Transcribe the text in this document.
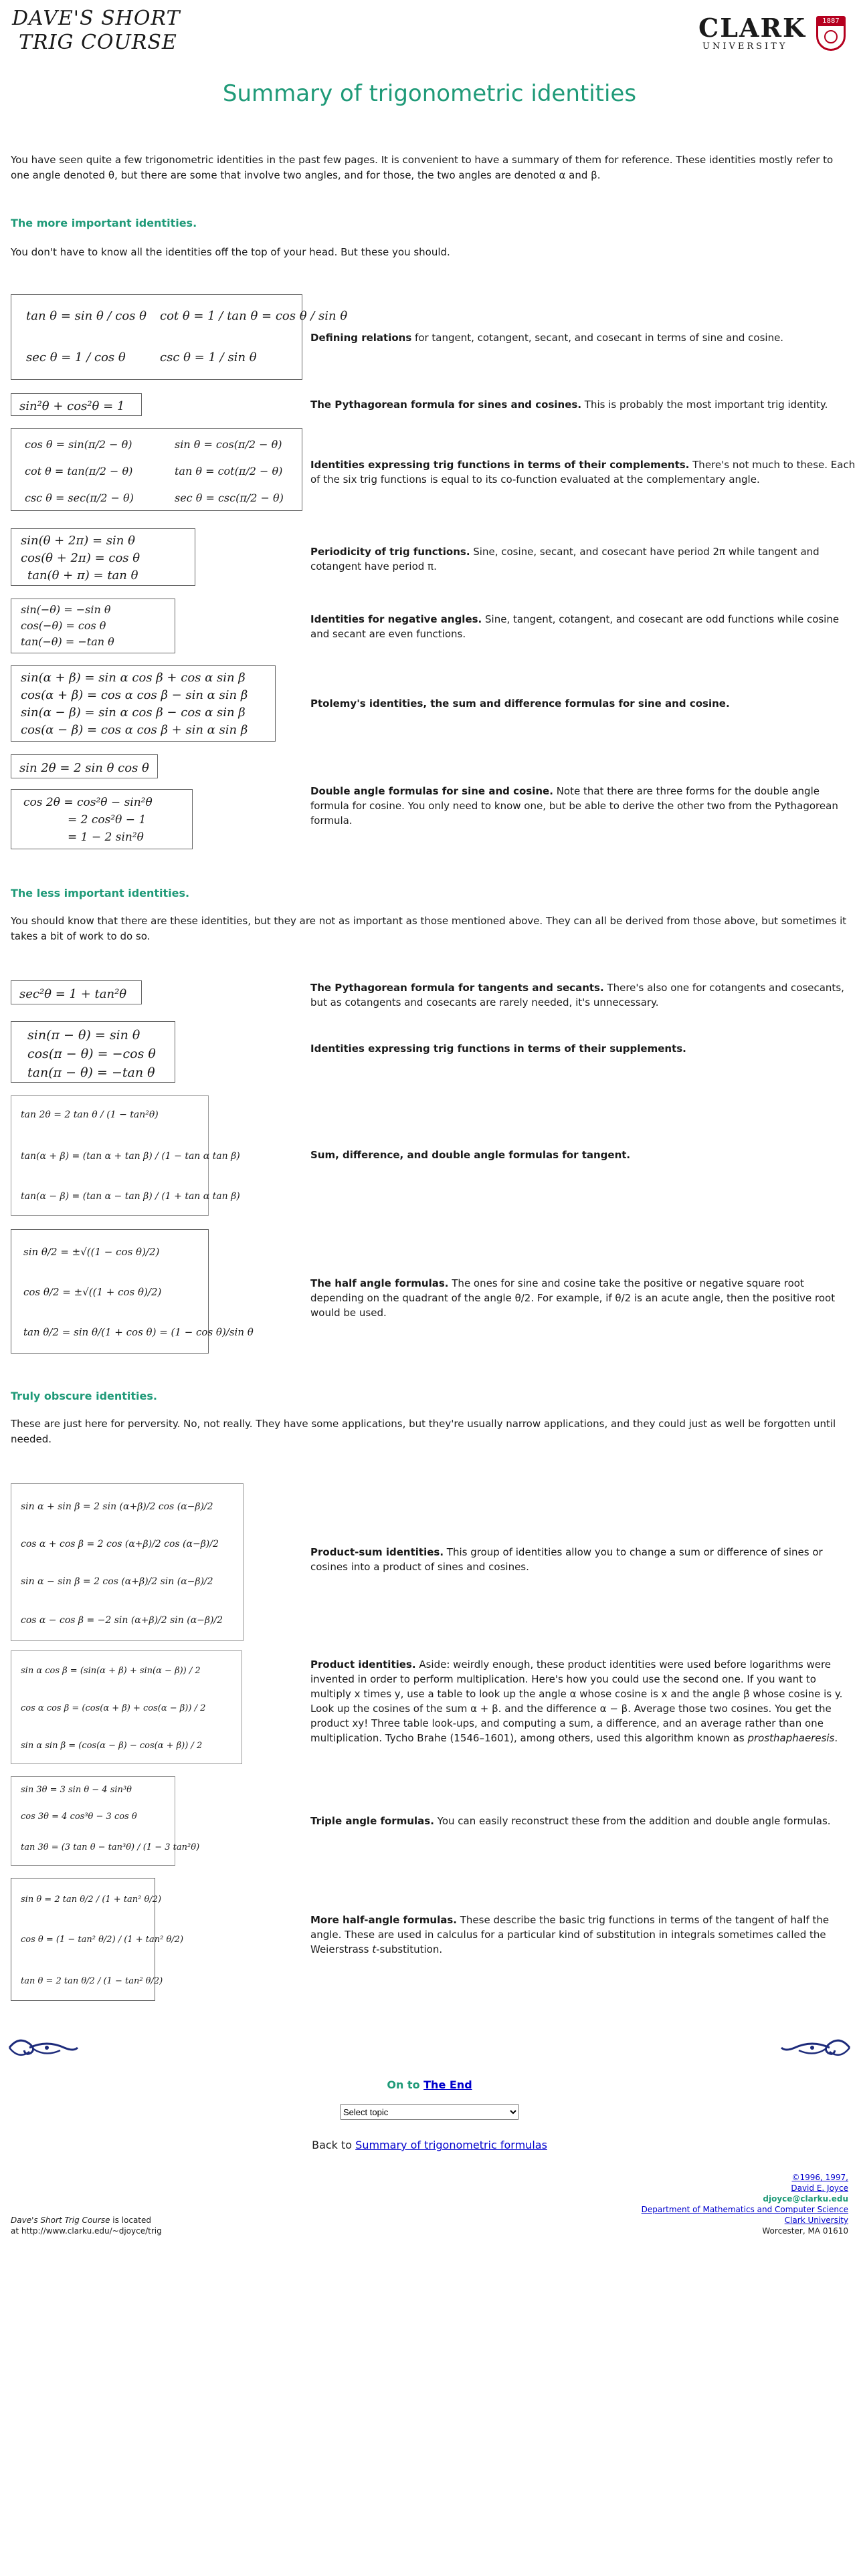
DAVE'S SHORT
TRIG COURSE	CLARK
UNIVERSITY
1887
Summary of trigonometric identities

You have seen quite a few trigonometric identities in the past few pages. It is convenient to have a summary of them for reference. These identities mostly refer to one angle denoted θ, but there are some that involve two angles, and for those, the two angles are denoted α and β.

The more important identities.

You don't have to know all the identities off the top of your head. But these you should.

tan θ = sin θ / cos θ cot θ = 1 / tan θ = cos θ / sin θ
sec θ = 1 / cos θ	csc θ = 1 / sin θ
Defining relations for tangent, cotangent, secant, and cosecant in terms of sine and cosine.
sin²θ + cos²θ = 1	The Pythagorean formula for sines and cosines. This is probably the most important trig identity.
cos θ = sin(π/2 − θ)	sin θ = cos(π/2 − θ)
cot θ = tan(π/2 − θ)	tan θ = cot(π/2 − θ)
csc θ = sec(π/2 − θ)	sec θ = csc(π/2 − θ)
Identities expressing trig functions in terms of their complements. There's not much to these. Each of the six trig functions is equal to its co-function evaluated at the complementary angle.
sin(θ + 2π) = sin θ
cos(θ + 2π) = cos θ
tan(θ + π) = tan θ
Periodicity of trig functions. Sine, cosine, secant, and cosecant have period 2π while tangent and cotangent have period π.
sin(−θ) = −sin θ
cos(−θ) = cos θ
tan(−θ) = −tan θ
Identities for negative angles. Sine, tangent, cotangent, and cosecant are odd functions while cosine and secant are even functions.
sin(α + β) = sin α cos β + cos α sin β
cos(α + β) = cos α cos β − sin α sin β
sin(α − β) = sin α cos β − cos α sin β
cos(α − β) = cos α cos β + sin α sin β
Ptolemy's identities, the sum and difference formulas for sine and cosine.
sin 2θ = 2 sin θ cos θ
cos 2θ = cos²θ − sin²θ
= 2 cos²θ − 1
= 1 − 2 sin²θ
Double angle formulas for sine and cosine. Note that there are three forms for the double angle formula for cosine. You only need to know one, but be able to derive the other two from the Pythagorean formula.
The less important identities.

You should know that there are these identities, but they are not as important as those mentioned above. They can all be derived from those above, but sometimes it takes a bit of work to do so.

sec²θ = 1 + tan²θ	The Pythagorean formula for tangents and secants. There's also one for cotangents and cosecants, but as cotangents and cosecants are rarely needed, it's unnecessary.
sin(π − θ) = sin θ
cos(π − θ) = −cos θ
tan(π − θ) = −tan θ
Identities expressing trig functions in terms of their supplements.
tan 2θ = 2 tan θ / (1 − tan²θ)
tan(α + β) = (tan α + tan β) / (1 − tan α tan β)
tan(α − β) = (tan α − tan β) / (1 + tan α tan β)
Sum, difference, and double angle formulas for tangent.
sin θ/2 = ±√((1 − cos θ)/2)
cos θ/2 = ±√((1 + cos θ)/2)
tan θ/2 = sin θ/(1 + cos θ) = (1 − cos θ)/sin θ
The half angle formulas. The ones for sine and cosine take the positive or negative square root depending on the quadrant of the angle θ/2. For example, if θ/2 is an acute angle, then the positive root would be used.
Truly obscure identities.

These are just here for perversity. No, not really. They have some applications, but they're usually narrow applications, and they could just as well be forgotten until needed.

sin α + sin β = 2 sin (α+β)/2 cos (α−β)/2
cos α + cos β = 2 cos (α+β)/2 cos (α−β)/2
sin α − sin β = 2 cos (α+β)/2 sin (α−β)/2
cos α − cos β = −2 sin (α+β)/2 sin (α−β)/2
Product-sum identities. This group of identities allow you to change a sum or difference of sines or cosines into a product of sines and cosines.
sin α cos β = (sin(α + β) + sin(α − β)) / 2
cos α cos β = (cos(α + β) + cos(α − β)) / 2
sin α sin β = (cos(α − β) − cos(α + β)) / 2
Product identities. Aside: weirdly enough, these product identities were used before logarithms were invented in order to perform multiplication. Here's how you could use the second one. If you want to multiply x times y, use a table to look up the angle α whose cosine is x and the angle β whose cosine is y. Look up the cosines of the sum α + β. and the difference α − β. Average those two cosines. You get the product xy! Three table look-ups, and computing a sum, a difference, and an average rather than one multiplication. Tycho Brahe (1546–1601), among others, used this algorithm known as prosthaphaeresis.
sin 3θ = 3 sin θ − 4 sin³θ
cos 3θ = 4 cos³θ − 3 cos θ
tan 3θ = (3 tan θ − tan³θ) / (1 − 3 tan²θ)
Triple angle formulas. You can easily reconstruct these from the addition and double angle formulas.
sin θ = 2 tan θ/2 / (1 + tan² θ/2)
cos θ = (1 − tan² θ/2) / (1 + tan² θ/2)
tan θ = 2 tan θ/2 / (1 − tan² θ/2)
More half-angle formulas. These describe the basic trig functions in terms of the tangent of half the angle. These are used in calculus for a particular kind of substitution in integrals sometimes called the Weierstrass t-substitution.
On to The End
Select topic
Back to Summary of trigonometric formulas
©1996, 1997,
David E. Joyce
djoyce@clarku.edu
Department of Mathematics and Computer Science
Clark University
Worcester, MA 01610
Dave's Short Trig Course is located
at http://www.clarku.edu/~djoyce/trig
